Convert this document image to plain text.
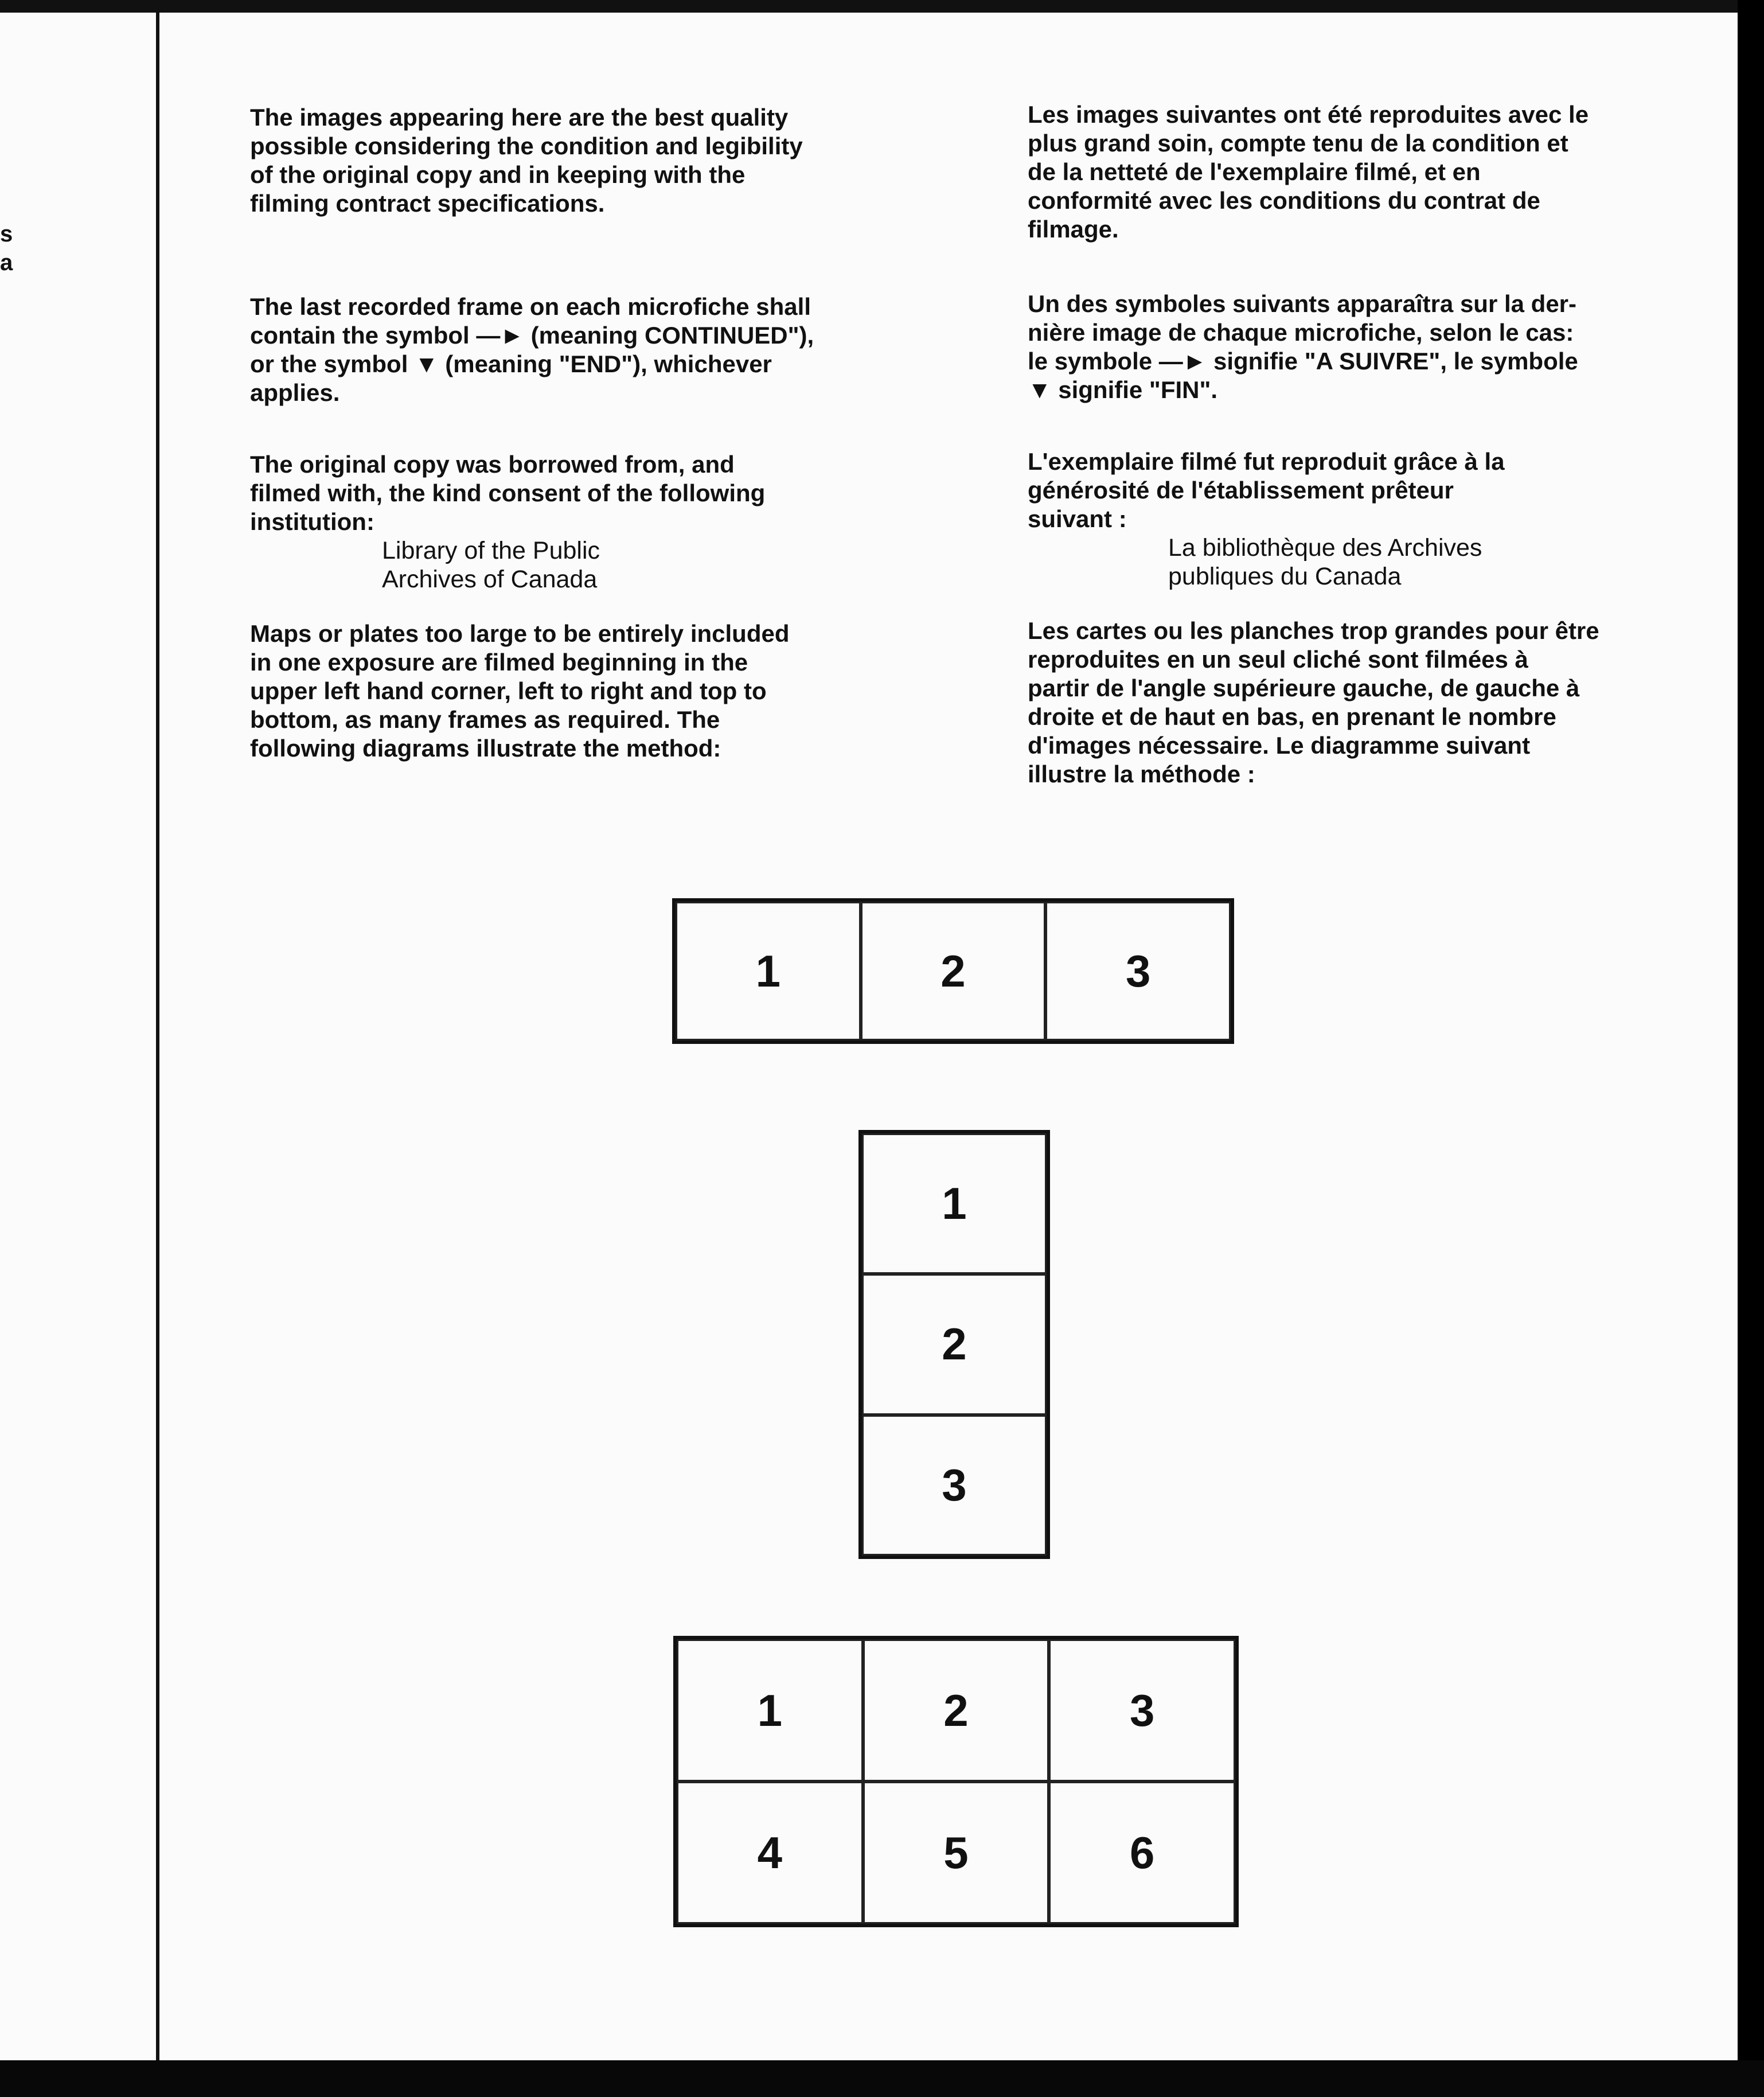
s
a
The images appearing here are the best quality
possible considering the condition and legibility
of the original copy and in keeping with the
filming contract specifications.
The last recorded frame on each microfiche shall
contain the symbol —► (meaning CONTINUED"),
or the symbol ▼ (meaning "END"), whichever
applies.
The original copy was borrowed from, and
filmed with, the kind consent of the following
institution:
Library of the Public
Archives of Canada
Maps or plates too large to be entirely included
in one exposure are filmed beginning in the
upper left hand corner, left to right and top to
bottom, as many frames as required. The
following diagrams illustrate the method:
Les images suivantes ont été reproduites avec le
plus grand soin, compte tenu de la condition et
de la netteté de l'exemplaire filmé, et en
conformité avec les conditions du contrat de
filmage.
Un des symboles suivants apparaîtra sur la der-
nière image de chaque microfiche, selon le cas:
le symbole —► signifie "A SUIVRE", le symbole
▼ signifie "FIN".
L'exemplaire filmé fut reproduit grâce à la
générosité de l'établissement prêteur
suivant :
La bibliothèque des Archives
publiques du Canada
Les cartes ou les planches trop grandes pour être
reproduites en un seul cliché sont filmées à
partir de l'angle supérieure gauche, de gauche à
droite et de haut en bas, en prenant le nombre
d'images nécessaire. Le diagramme suivant
illustre la méthode :
1	2	3
1
2
3
1	2	3
4	5	6
